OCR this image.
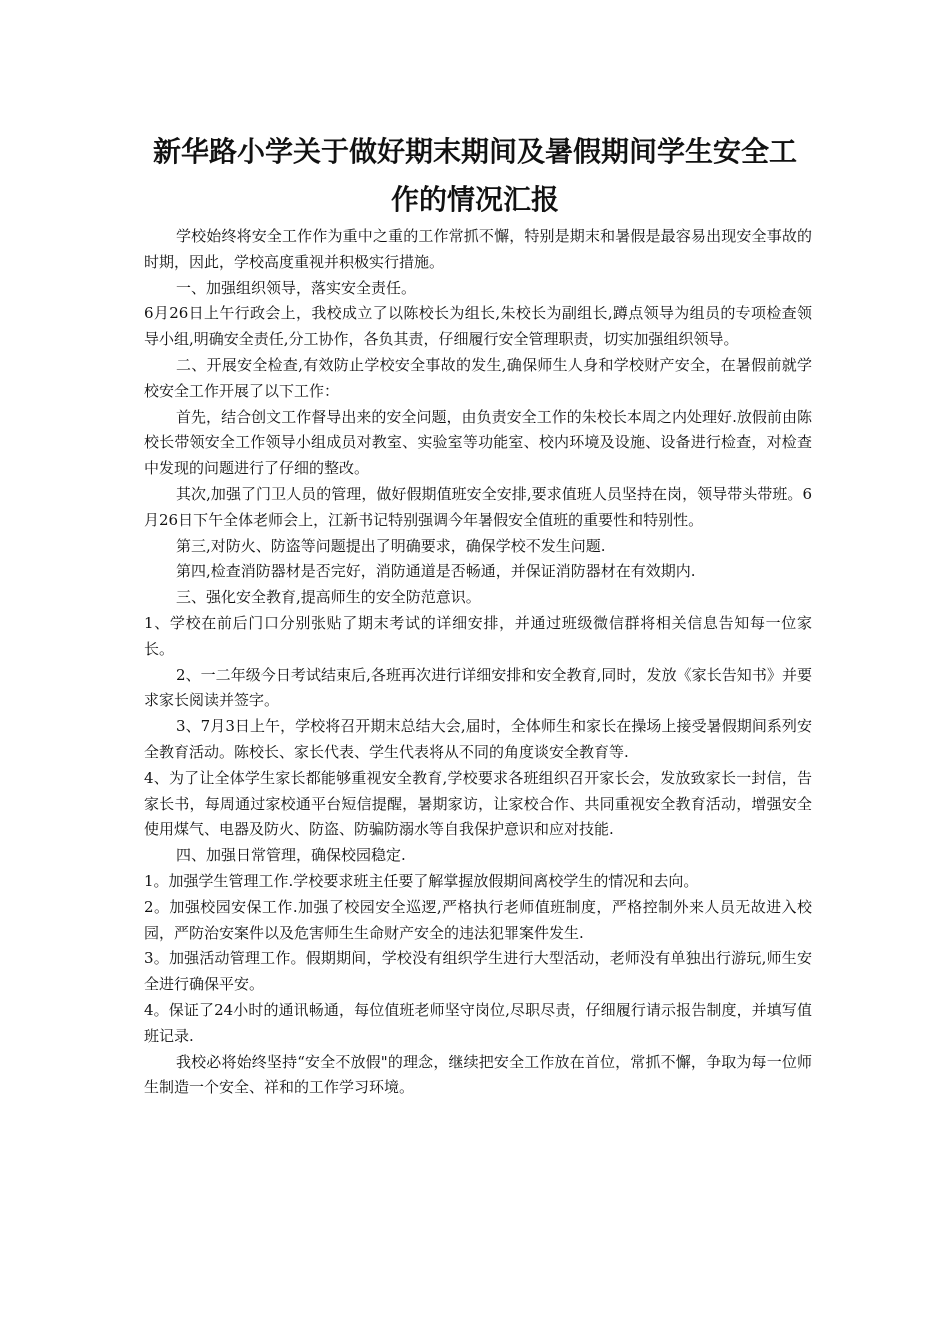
新华路小学关于做好期末期间及暑假期间学生安全工
作的情况汇报

学校始终将安全工作作为重中之重的工作常抓不懈，特别是期末和暑假是最容易出现安全事故的时期，因此，学校高度重视并积极实行措施。

一、加强组织领导，落实安全责任。

6月26日上午行政会上，我校成立了以陈校长为组长,朱校长为副组长,蹲点领导为组员的专项检查领导小组,明确安全责任,分工协作，各负其责，仔细履行安全管理职责，切实加强组织领导。

二、开展安全检查,有效防止学校安全事故的发生,确保师生人身和学校财产安全，在暑假前就学校安全工作开展了以下工作：

首先，结合创文工作督导出来的安全问题，由负责安全工作的朱校长本周之内处理好.放假前由陈校长带领安全工作领导小组成员对教室、实验室等功能室、校内环境及设施、设备进行检查，对检查中发现的问题进行了仔细的整改。

其次,加强了门卫人员的管理，做好假期值班安全安排,要求值班人员坚持在岗，领导带头带班。6月26日下午全体老师会上，江新书记特别强调今年暑假安全值班的重要性和特别性。

第三,对防火、防盗等问题提出了明确要求，确保学校不发生问题.

第四,检查消防器材是否完好，消防通道是否畅通，并保证消防器材在有效期内.

三、强化安全教育,提高师生的安全防范意识。

1、学校在前后门口分别张贴了期末考试的详细安排，并通过班级微信群将相关信息告知每一位家长。

2、一二年级今日考试结束后,各班再次进行详细安排和安全教育,同时，发放《家长告知书》并要求家长阅读并签字。

3、7月3日上午，学校将召开期末总结大会,届时，全体师生和家长在操场上接受暑假期间系列安全教育活动。陈校长、家长代表、学生代表将从不同的角度谈安全教育等.

4、为了让全体学生家长都能够重视安全教育,学校要求各班组织召开家长会，发放致家长一封信，告家长书，每周通过家校通平台短信提醒，暑期家访，让家校合作、共同重视安全教育活动，增强安全使用煤气、电器及防火、防盗、防骗防溺水等自我保护意识和应对技能.

四、加强日常管理，确保校园稳定.

1。加强学生管理工作.学校要求班主任要了解掌握放假期间离校学生的情况和去向。

2。加强校园安保工作.加强了校园安全巡逻,严格执行老师值班制度，严格控制外来人员无故进入校园，严防治安案件以及危害师生生命财产安全的违法犯罪案件发生.

3。加强活动管理工作。假期期间，学校没有组织学生进行大型活动，老师没有单独出行游玩,师生安全进行确保平安。

4。保证了24小时的通讯畅通，每位值班老师坚守岗位,尽职尽责，仔细履行请示报告制度，并填写值班记录.

我校必将始终坚持“安全不放假"的理念，继续把安全工作放在首位，常抓不懈，争取为每一位师生制造一个安全、祥和的工作学习环境。
